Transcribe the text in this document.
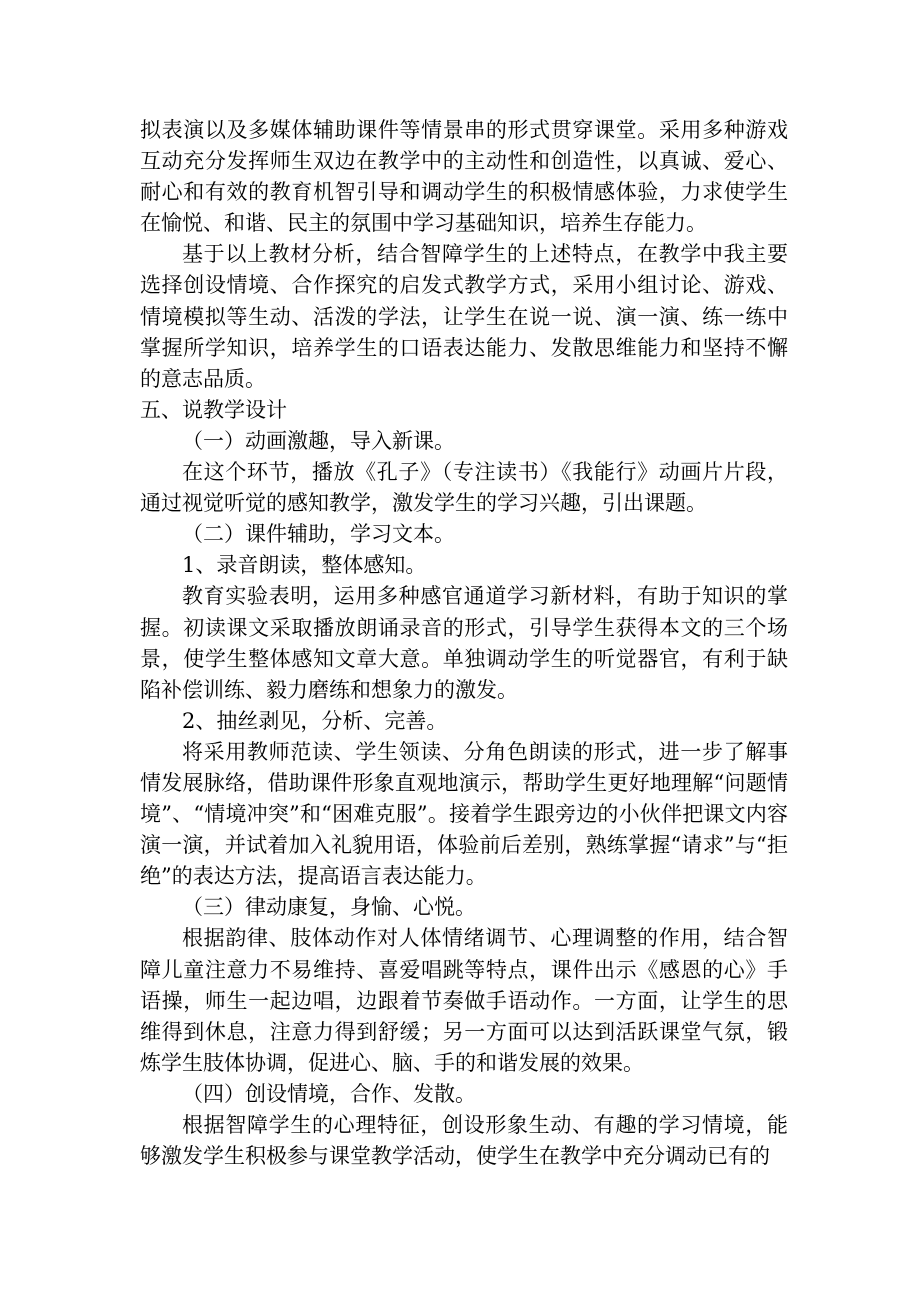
拟表演以及多媒体辅助课件等情景串的形式贯穿课堂。采用多种游戏互动充分发挥师生双边在教学中的主动性和创造性，以真诚、爱心、耐心和有效的教育机智引导和调动学生的积极情感体验，力求使学生在愉悦、和谐、民主的氛围中学习基础知识，培养生存能力。

基于以上教材分析，结合智障学生的上述特点，在教学中我主要选择创设情境、合作探究的启发式教学方式，采用小组讨论、游戏、情境模拟等生动、活泼的学法，让学生在说一说、演一演、练一练中掌握所学知识，培养学生的口语表达能力、发散思维能力和坚持不懈的意志品质。

五、说教学设计

（一）动画激趣，导入新课。

在这个环节，播放《孔子》（专注读书）《我能行》动画片片段，通过视觉听觉的感知教学，激发学生的学习兴趣，引出课题。

（二）课件辅助，学习文本。

1、录音朗读，整体感知。

教育实验表明，运用多种感官通道学习新材料，有助于知识的掌握。初读课文采取播放朗诵录音的形式，引导学生获得本文的三个场景，使学生整体感知文章大意。单独调动学生的听觉器官，有利于缺陷补偿训练、毅力磨练和想象力的激发。

2、抽丝剥见，分析、完善。

将采用教师范读、学生领读、分角色朗读的形式，进一步了解事情发展脉络，借助课件形象直观地演示，帮助学生更好地理解“问题情境”、“情境冲突”和“困难克服”。接着学生跟旁边的小伙伴把课文内容演一演，并试着加入礼貌用语，体验前后差别，熟练掌握“请求”与“拒绝”的表达方法，提高语言表达能力。

（三）律动康复，身愉、心悦。

根据韵律、肢体动作对人体情绪调节、心理调整的作用，结合智障儿童注意力不易维持、喜爱唱跳等特点，课件出示《感恩的心》手语操，师生一起边唱，边跟着节奏做手语动作。一方面，让学生的思维得到休息，注意力得到舒缓；另一方面可以达到活跃课堂气氛，锻炼学生肢体协调，促进心、脑、手的和谐发展的效果。

（四）创设情境，合作、发散。

根据智障学生的心理特征，创设形象生动、有趣的学习情境，能够激发学生积极参与课堂教学活动，使学生在教学中充分调动已有的
